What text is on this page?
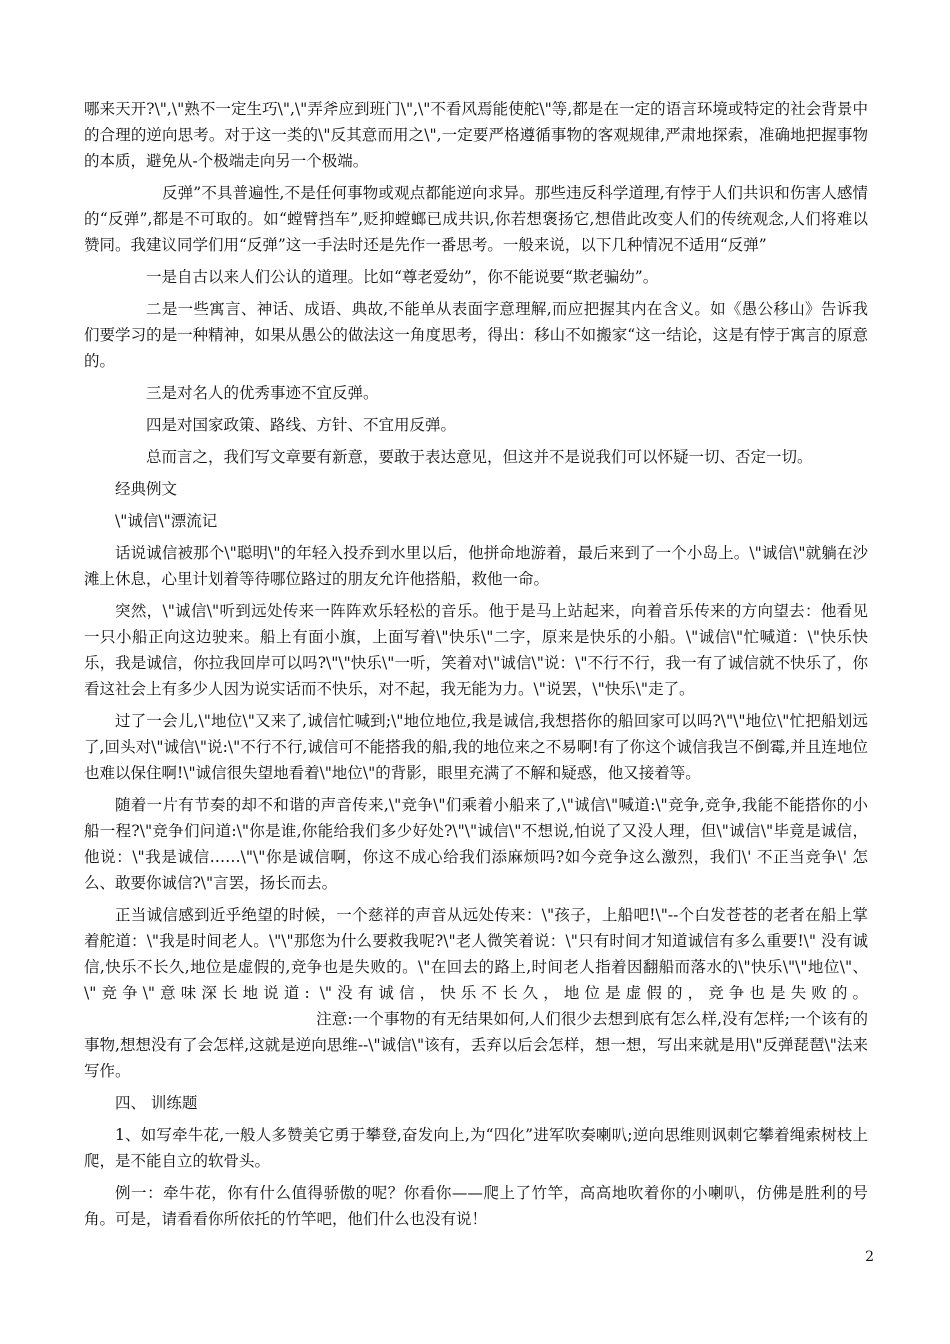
哪来天开?\",\"熟不一定生巧\",\"弄斧应到班门\",\"不看风焉能使舵\"等,都是在一定的语言环境或特定的社会背景中的合理的逆向思考。对于这一类的\"反其意而用之\",一定要严格遵循事物的客观规律,严肃地探索，准确地把握事物的本质，避免从-个极端走向另一个极端。

反弹”不具普遍性,不是任何事物或观点都能逆向求异。那些违反科学道理,有悖于人们共识和伤害人感情的“反弹”,都是不可取的。如“螳臂挡车”,贬抑螳螂已成共识,你若想褒扬它,想借此改变人们的传统观念,人们将难以赞同。我建议同学们用“反弹”这一手法时还是先作一番思考。一般来说，以下几种情况不适用“反弹”

一是自古以来人们公认的道理。比如“尊老爱幼”，你不能说要“欺老骗幼”。

二是一些寓言、神话、成语、典故,不能单从表面字意理解,而应把握其内在含义。如《愚公移山》告诉我们要学习的是一种精神，如果从愚公的做法这一角度思考，得出：移山不如搬家“这一结论，这是有悖于寓言的原意的。

三是对名人的优秀事迹不宜反弹。

四是对国家政策、路线、方针、不宜用反弹。

总而言之，我们写文章要有新意，要敢于表达意见，但这并不是说我们可以怀疑一切、否定一切。

经典例文

\"诚信\"漂流记

话说诚信被那个\"聪明\"的年轻入投乔到水里以后，他拼命地游着，最后来到了一个小岛上。\"诚信\"就躺在沙滩上休息，心里计划着等待哪位路过的朋友允许他搭船，救他一命。

突然，\"诚信\"听到远处传来一阵阵欢乐轻松的音乐。他于是马上站起来，向着音乐传来的方向望去：他看见一只小船正向这边驶来。船上有面小旗，上面写着\"快乐\"二字，原来是快乐的小船。\"诚信\"忙喊道：\"快乐快乐，我是诚信，你拉我回岸可以吗?\"\"快乐\"一听，笑着对\"诚信\"说：\"不行不行，我一有了诚信就不快乐了，你看这社会上有多少人因为说实话而不快乐，对不起，我无能为力。\"说罢，\"快乐\"走了。

过了一会儿,\"地位\"又来了,诚信忙喊到;\"地位地位,我是诚信,我想搭你的船回家可以吗?\"\"地位\"忙把船划远了,回头对\"诚信\"说:\"不行不行,诚信可不能搭我的船,我的地位来之不易啊!有了你这个诚信我岂不倒霉,并且连地位也难以保住啊!\"诚信很失望地看着\"地位\"的背影，眼里充满了不解和疑惑，他又接着等。

随着一片有节奏的却不和谐的声音传来,\"竞争\"们乘着小船来了,\"诚信\"喊道:\"竞争,竞争,我能不能搭你的小船一程?\"竞争们问道:\"你是谁,你能给我们多少好处?\"\"诚信\"不想说,怕说了又没人理，但\"诚信\"毕竟是诚信，他说：\"我是诚信……\"\"你是诚信啊，你这不成心给我们添麻烦吗?如今竞争这么激烈，我们\' 不正当竞争\' 怎么、敢要你诚信?\"言罢，扬长而去。

正当诚信感到近乎绝望的时候，一个慈祥的声音从远处传来：\"孩子，上船吧!\"--个白发苍苍的老者在船上掌着舵道：\"我是时间老人。\"\"那您为什么要救我呢?\"老人微笑着说：\"只有时间才知道诚信有多么重要!\" 没有诚信,快乐不长久,地位是虚假的,竞争也是失败的。\"在回去的路上,时间老人指着因翻船而落水的\"快乐\"\"地位\"、\"竞争\"意味深长地说道: \"没有诚信，快乐不长久，地位是虚假的，竞争也是失败的。注意:一个事物的有无结果如何,人们很少去想到底有怎么样,没有怎样;一个该有的事物,想想没有了会怎样,这就是逆向思维--\"诚信\"该有，丢弃以后会怎样，想一想，写出来就是用\"反弹琵琶\"法来写作。

四、 训练题

1、如写牵牛花,一般人多赞美它勇于攀登,奋发向上,为“四化”进军吹奏喇叭;逆向思维则讽刺它攀着绳索树枝上爬，是不能自立的软骨头。

例一：牵牛花，你有什么值得骄傲的呢？你看你——爬上了竹竿，高高地吹着你的小喇叭，仿佛是胜利的号角。可是，请看看你所依托的竹竿吧，他们什么也没有说！

2
